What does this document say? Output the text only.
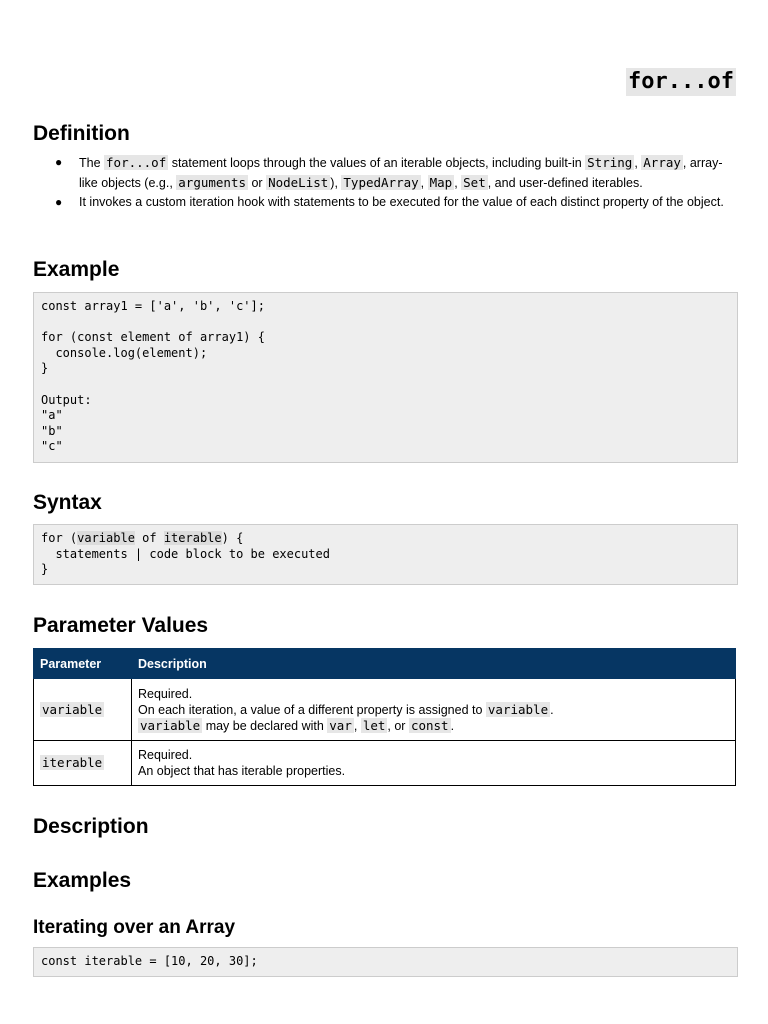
for...of
Definition
● The for...of statement loops through the values of an iterable objects, including built-in String , Array , array-like objects (e.g., arguments or NodeList ), TypedArray , Map , Set , and user-defined iterables.
● It invokes a custom iteration hook with statements to be executed for the value of each distinct property of the object.
Example
const array1 = ['a', 'b', 'c'];

for (const element of array1) {
console.log(element);
}

Output:
"a"
"b"
"c"
Syntax
for (variable of iterable) {
statements | code block to be executed
}
Parameter Values
Parameter	Description
variable	Required.
On each iteration, a value of a different property is assigned to variable .
variable may be declared with var , let , or const .

iterable	Required.
An object that has iterable properties.
Description
Examples
Iterating over an Array
const iterable = [10, 20, 30];
